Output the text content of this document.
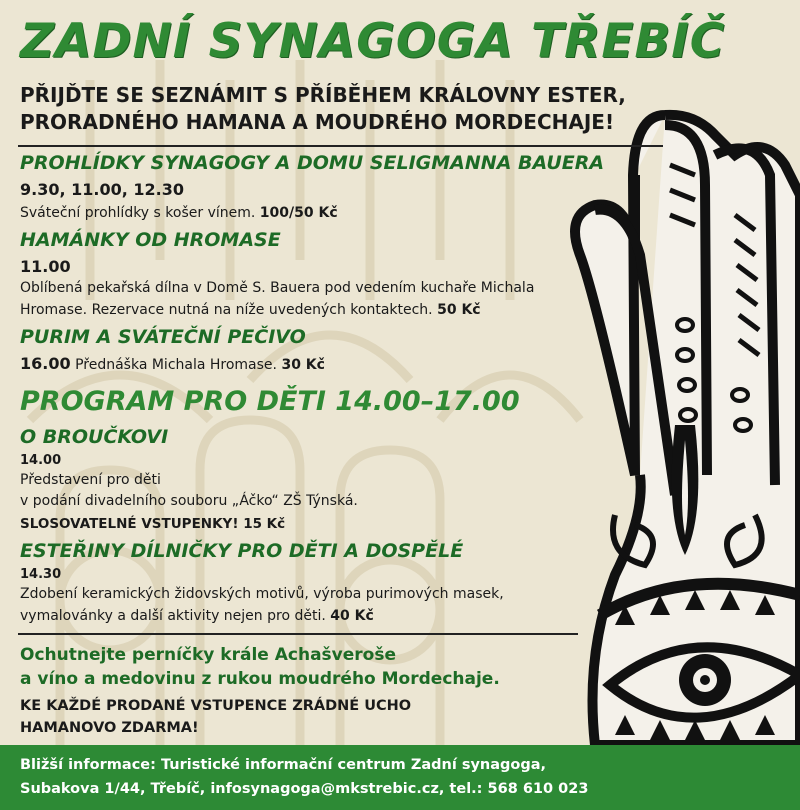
ZADNÍ SYNAGOGA TŘEBÍČ
PŘIJĎTE SE SEZNÁMIT S PŘÍBĚHEM KRÁLOVNY ESTER,
PRORADNÉHO HAMANA A MOUDRÉHO MORDECHAJE!
PROHLÍDKY SYNAGOGY A DOMU SELIGMANNA BAUERA
9.30, 11.00, 12.30
Sváteční prohlídky s košer vínem. 100/50 Kč
HAMÁNKY OD HROMASE
11.00
Oblíbená pekařská dílna v Domě S. Bauera pod vedením kuchaře Michala
Hromase. Rezervace nutná na níže uvedených kontaktech. 50 Kč
PURIM A SVÁTEČNÍ PEČIVO
16.00 Přednáška Michala Hromase. 30 Kč
PROGRAM PRO DĚTI 14.00–17.00
O BROUČKOVI
14.00
Představení pro děti
v podání divadelního souboru „Áčko“ ZŠ Týnská.
SLOSOVATELNÉ VSTUPENKY! 15 Kč
ESTEŘINY DÍLNIČKY PRO DĚTI A DOSPĚLÉ
14.30
Zdobení keramických židovských motivů, výroba purimových masek,
vymalovánky a další aktivity nejen pro děti. 40 Kč
Ochutnejte perníčky krále Achašveroše
a víno a medovinu z rukou moudrého Mordechaje.
KE KAŽDÉ PRODANÉ VSTUPENCE ZRÁDNÉ UCHO
HAMANOVO ZDARMA!
Bližší informace: Turistické informační centrum Zadní synagoga,
Subakova 1/44, Třebíč, infosynagoga@mkstrebic.cz, tel.: 568 610 023
